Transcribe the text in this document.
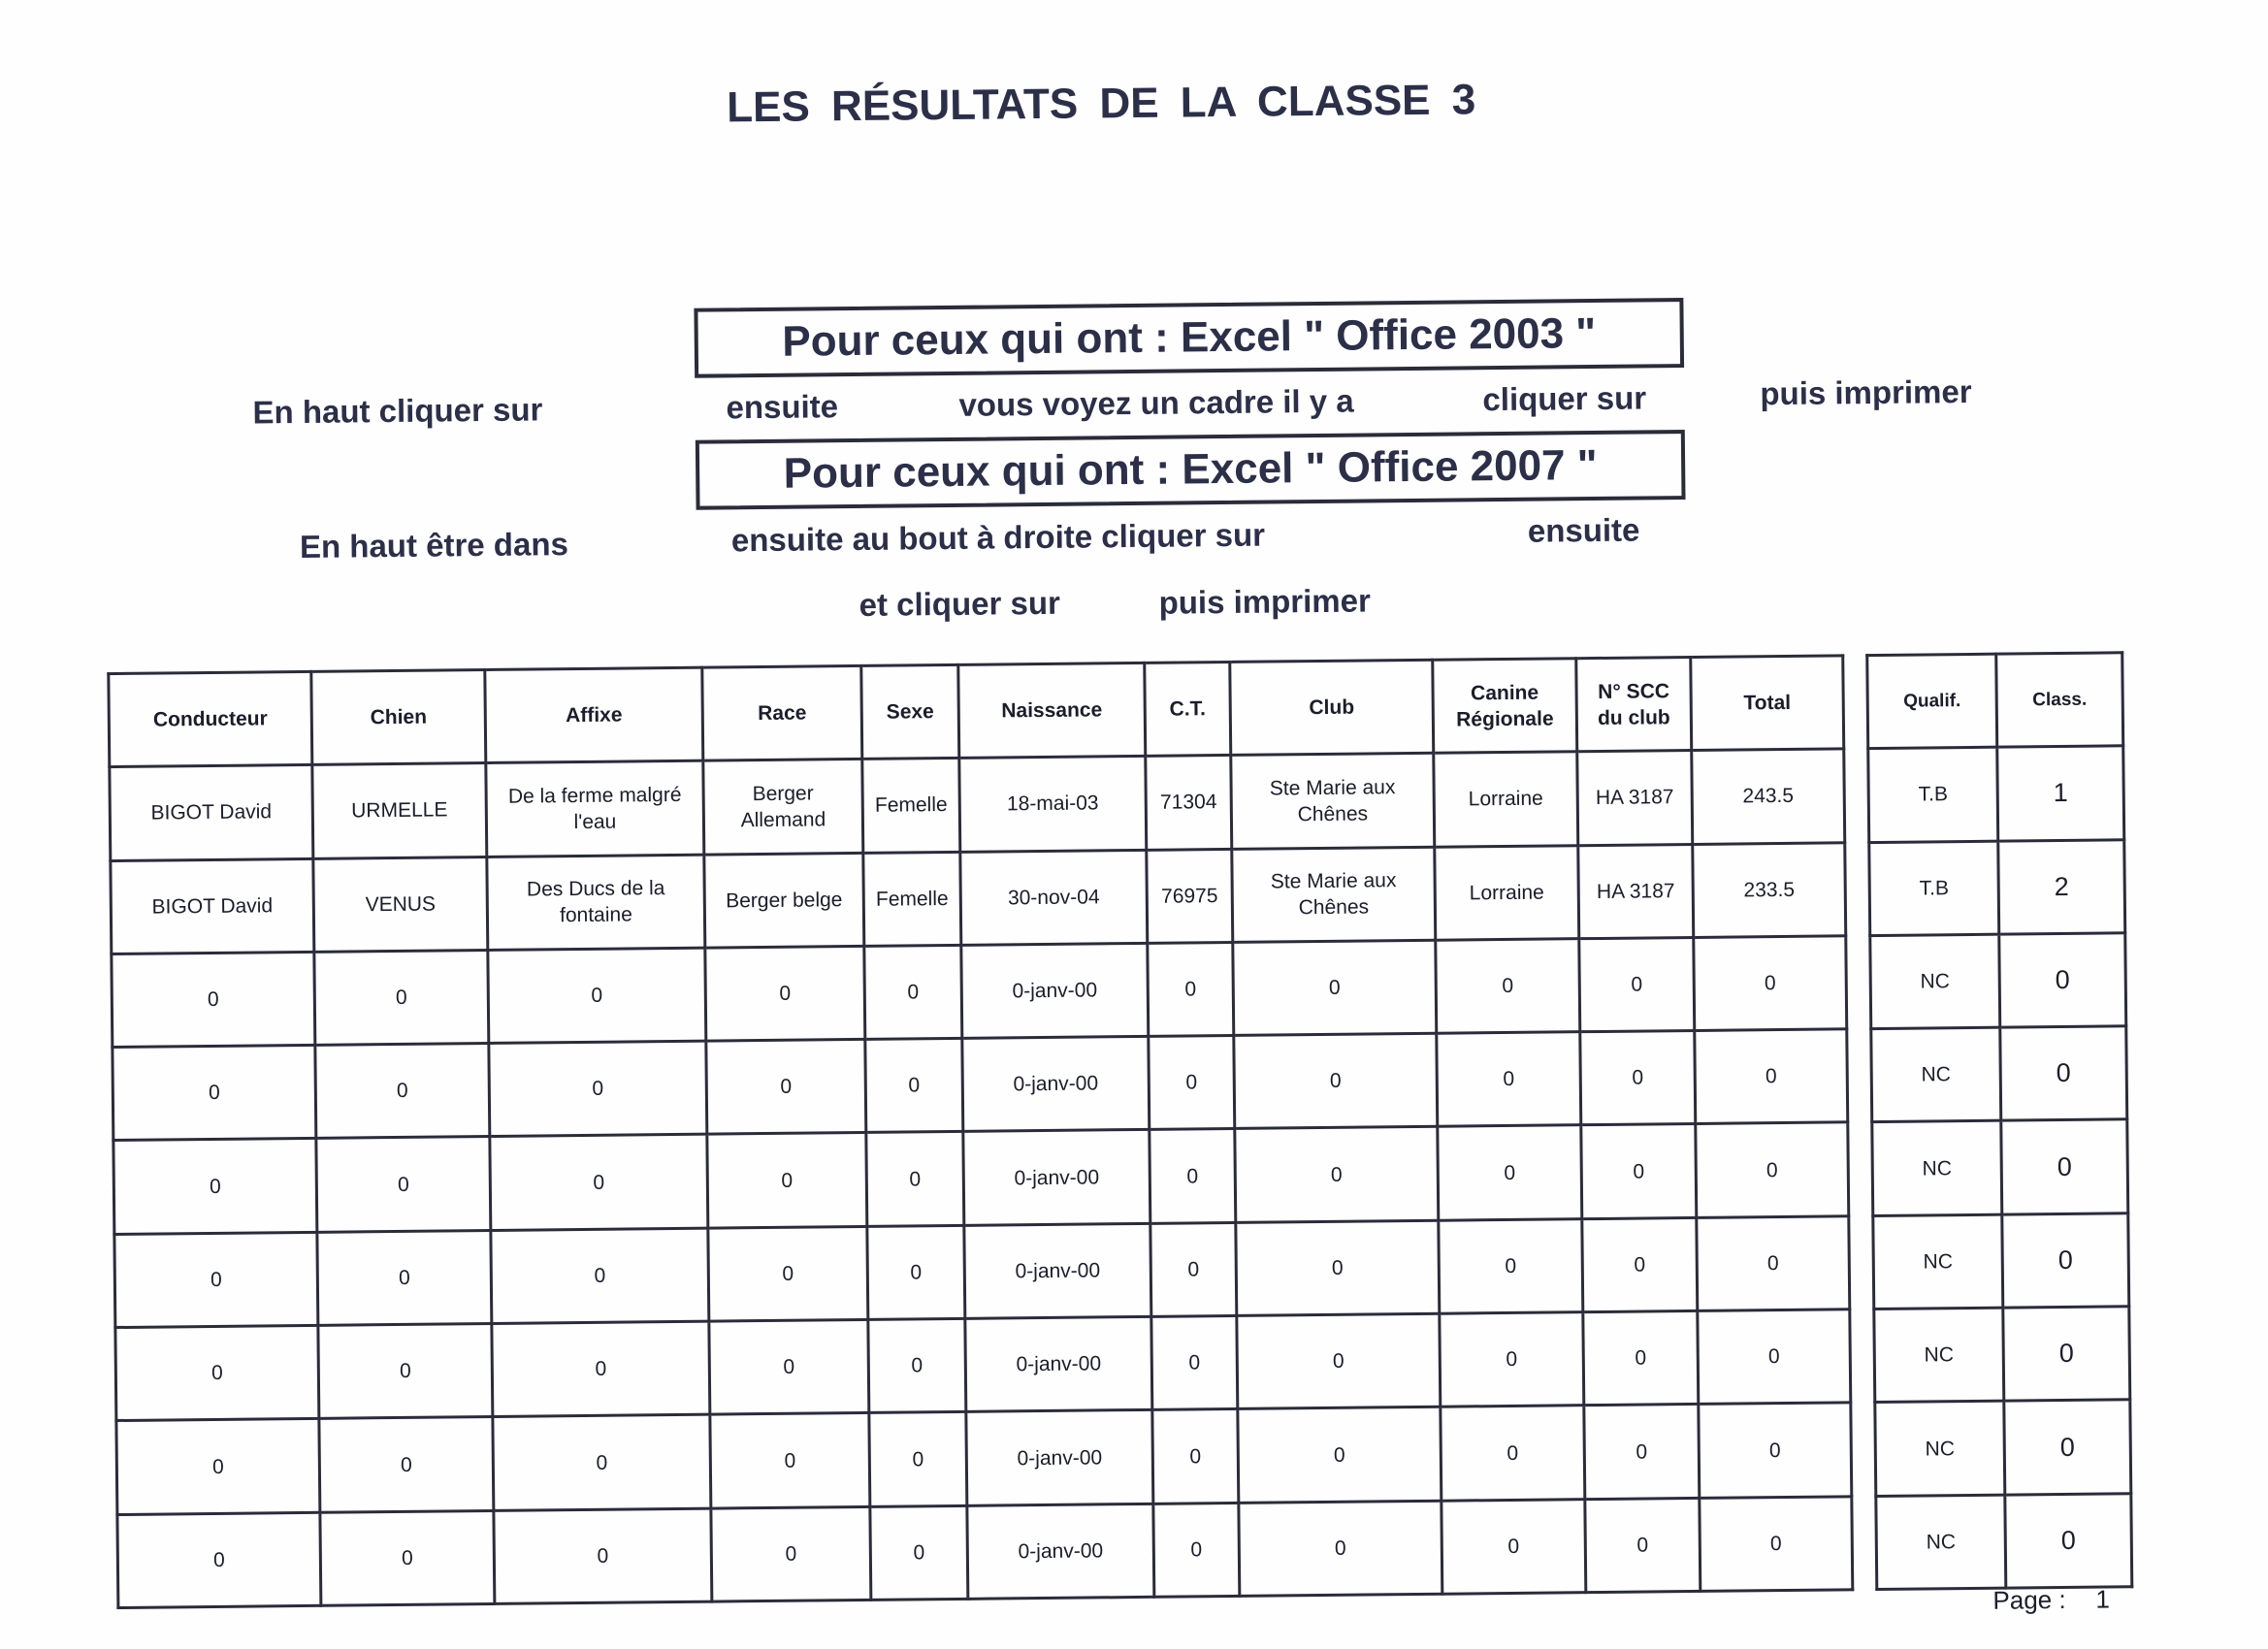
LES RÉSULTATS DE LA CLASSE 3
Pour ceux qui ont : Excel " Office 2003 "
En haut cliquer sur	ensuite	vous voyez un cadre il y a	cliquer sur	puis imprimer
Pour ceux qui ont : Excel " Office 2007 "
En haut être dans	ensuite au bout à droite cliquer sur	ensuite
et cliquer sur	puis imprimer
Conducteur	Chien	Affixe	Race	Sexe	Naissance	C.T.	Club	Canine Régionale	N° SCC du club	Total
BIGOT David	URMELLE	De la ferme malgré l'eau	Berger Allemand	Femelle	18-mai-03	71304	Ste Marie aux Chênes	Lorraine	HA 3187	243.5
BIGOT David	VENUS	Des Ducs de la fontaine	Berger belge	Femelle	30-nov-04	76975	Ste Marie aux Chênes	Lorraine	HA 3187	233.5
0	0	0	0	0	0-janv-00	0	0	0	0	0
0	0	0	0	0	0-janv-00	0	0	0	0	0
0	0	0	0	0	0-janv-00	0	0	0	0	0
0	0	0	0	0	0-janv-00	0	0	0	0	0
0	0	0	0	0	0-janv-00	0	0	0	0	0
0	0	0	0	0	0-janv-00	0	0	0	0	0
0	0	0	0	0	0-janv-00	0	0	0	0	0
Qualif.	Class.
T.B	1
T.B	2
NC	0
NC	0
NC	0
NC	0
NC	0
NC	0
NC	0
Page : 1
